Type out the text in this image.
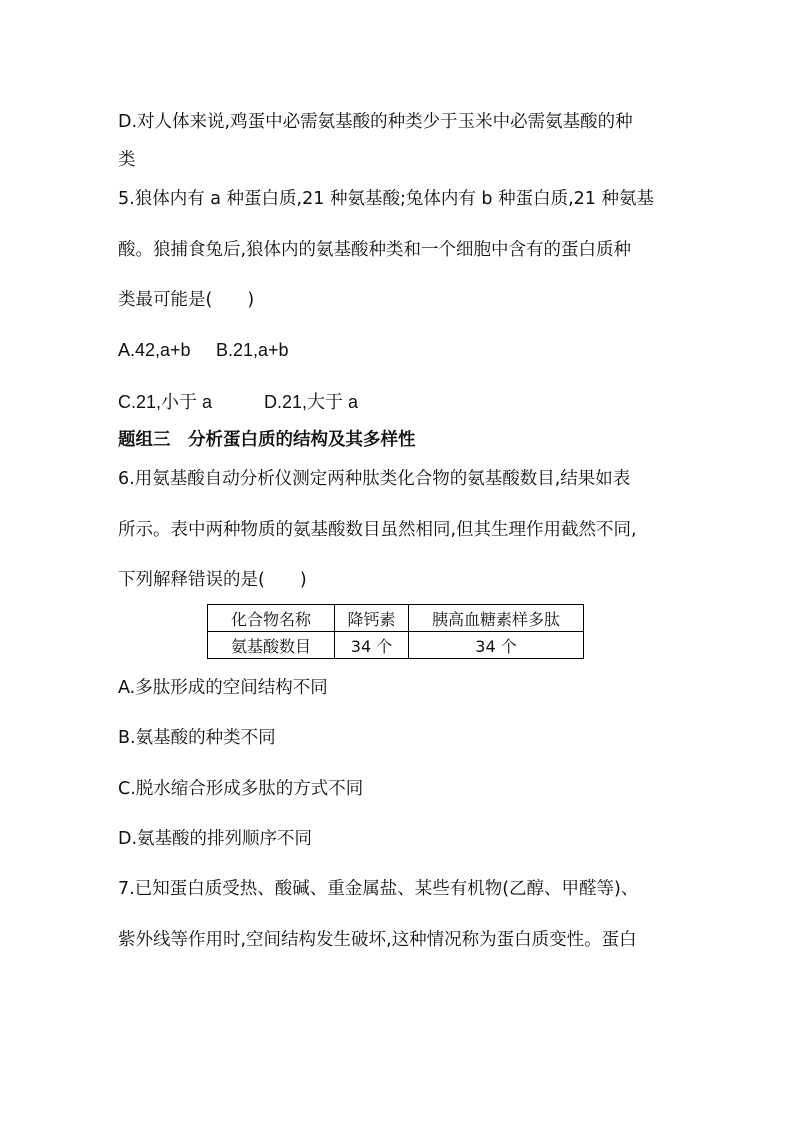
D.对人体来说,鸡蛋中必需氨基酸的种类少于玉米中必需氨基酸的种
类
5.狼体内有 a 种蛋白质,21 种氨基酸;兔体内有 b 种蛋白质,21 种氨基
酸。狼捕食兔后,狼体内的氨基酸种类和一个细胞中含有的蛋白质种
类最可能是(　　)
A.42,a+b B.21,a+b
C.21,小于 a	D.21,大于 a
题组三　分析蛋白质的结构及其多样性
6.用氨基酸自动分析仪测定两种肽类化合物的氨基酸数目,结果如表
所示。表中两种物质的氨基酸数目虽然相同,但其生理作用截然不同,
下列解释错误的是(　　)
化合物名称	降钙素	胰高血糖素样多肽
氨基酸数目	34 个	34 个
A.多肽形成的空间结构不同
B.氨基酸的种类不同
C.脱水缩合形成多肽的方式不同
D.氨基酸的排列顺序不同
7.已知蛋白质受热、酸碱、重金属盐、某些有机物(乙醇、甲醛等)、
紫外线等作用时,空间结构发生破坏,这种情况称为蛋白质变性。蛋白
